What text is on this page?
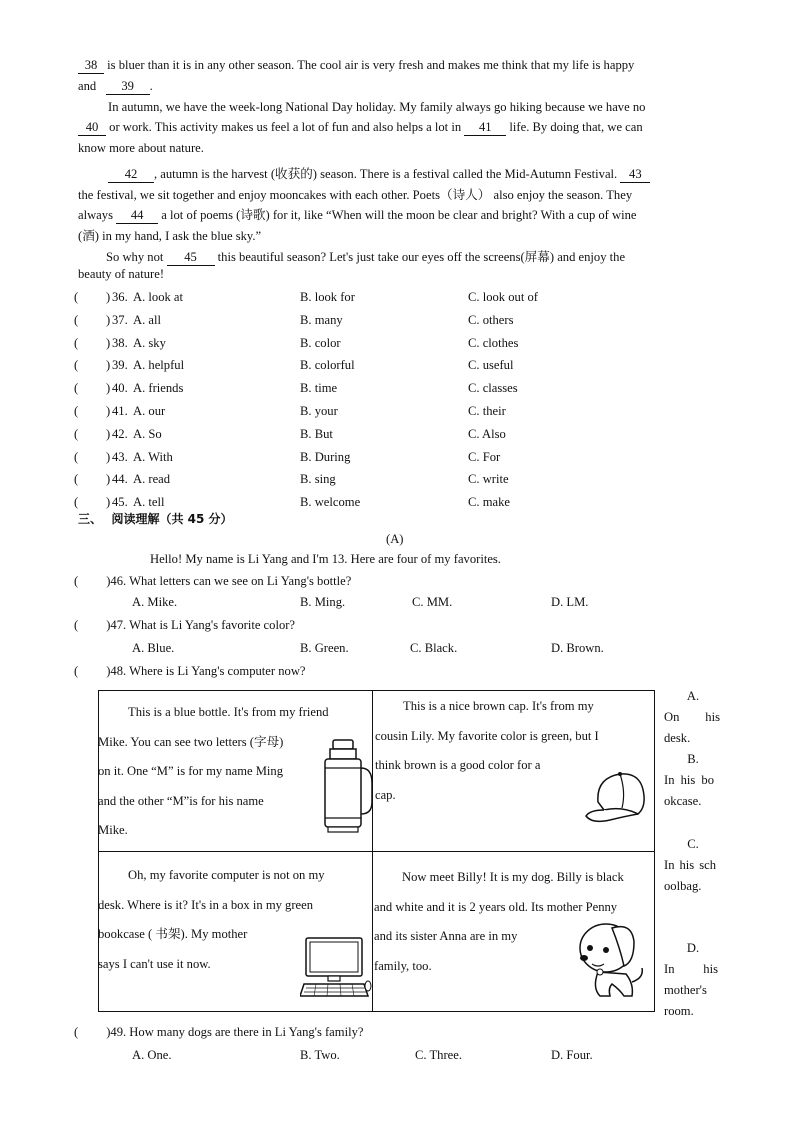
38 is bluer than it is in any other season. The cool air is very fresh and makes me think that my life is happy
and 39 .
In autumn, we have the week-long National Day holiday. My family always go hiking because we have no
40 or work. This activity makes us feel a lot of fun and also helps a lot in 41 life. By doing that, we can
know more about nature.
42 , autumn is the harvest (收获的) season. There is a festival called the Mid-Autumn Festival. 43
the festival, we sit together and enjoy mooncakes with each other. Poets（诗人） also enjoy the season. They
always 44 a lot of poems (诗歌) for it, like “When will the moon be clear and bright? With a cup of wine
(酒) in my hand, I ask the blue sky.”
So why not 45 this beautiful season? Let's just take our eyes off the screens(屏幕) and enjoy the
beauty of nature!
( ) 36. A. look at	B. look for	C. look out of
( ) 37. A. all	B. many	C. others
( ) 38. A. sky	B. color	C. clothes
( ) 39. A. helpful	B. colorful	C. useful
( ) 40. A. friends	B. time	C. classes
( ) 41. A. our	B. your	C. their
( ) 42. A. So	B. But	C. Also
( ) 43. A. With	B. During	C. For
( ) 44. A. read	B. sing	C. write
( ) 45. A. tell	B. welcome	C. make
三、 阅读理解（共 45 分）
(A)
Hello! My name is Li Yang and I'm 13. Here are four of my favorites.
( )46. What letters can we see on Li Yang's bottle?
A. Mike.	B. Ming.	C. MM.	D. LM.
( )47. What is Li Yang's favorite color?
A. Blue.	B. Green.	C. Black.	D. Brown.
( )48. Where is Li Yang's computer now?
This is a blue bottle. It's from my friend
Mike. You can see two letters (字母)
on it. One “M” is for my name Ming
and the other “M”is for his name
Mike.
This is a nice brown cap. It's from my
cousin Lily. My favorite color is green, but I
think brown is a good color for a
cap.
Oh, my favorite computer is not on my
desk. Where is it? It's in a box in my green
bookcase ( 书架). My mother
says I can't use it now.
Now meet Billy! It is my dog. Billy is black
and white and it is 2 years old. Its mother Penny
and its sister Anna are in my
family, too.
A.
On his desk.
B.
In his bookcase.
C.
In his schoolbag.
D.
In his mother's room.
( )49. How many dogs are there in Li Yang's family?
A. One.	B. Two.	C. Three.	D. Four.
